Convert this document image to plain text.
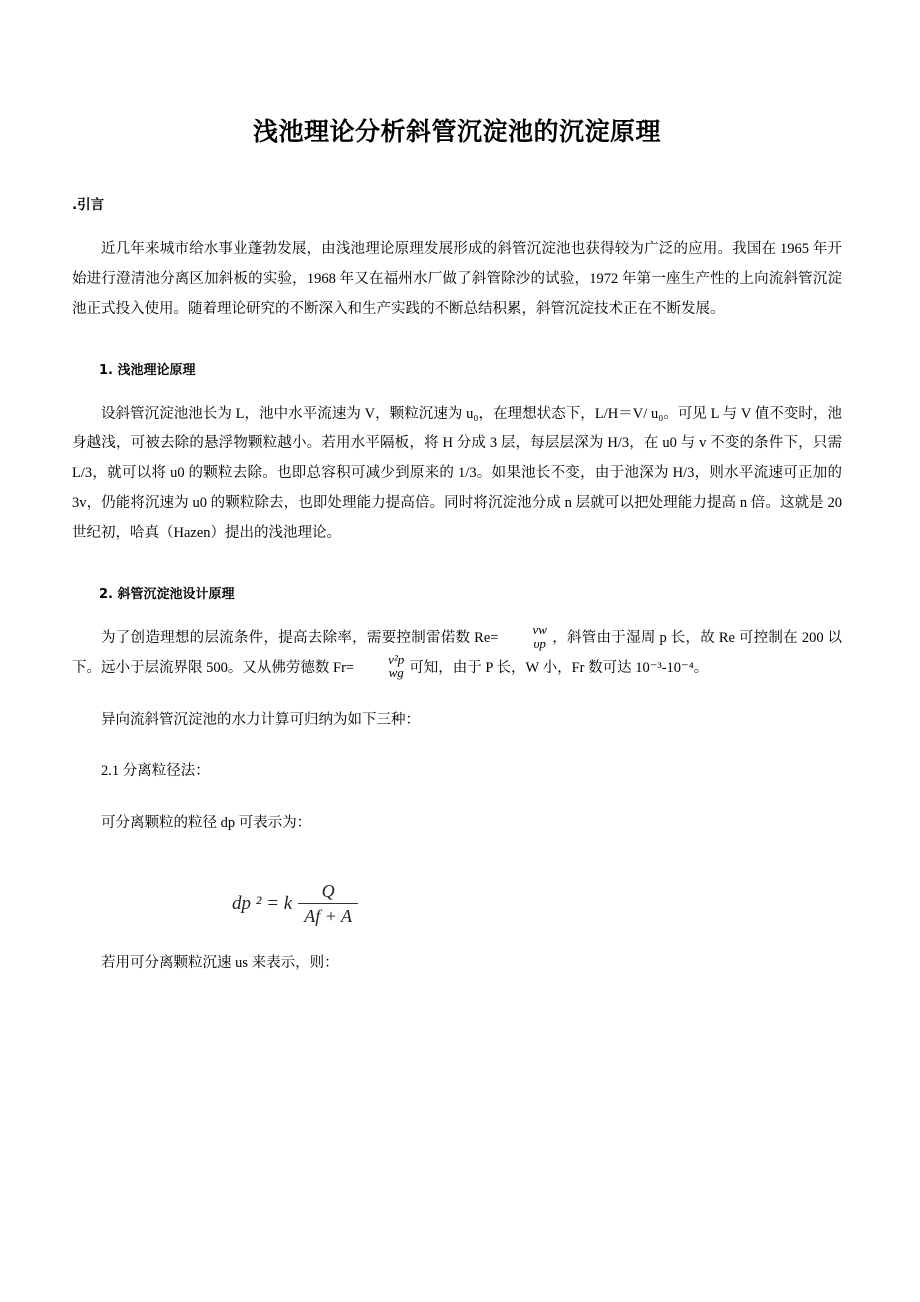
浅池理论分析斜管沉淀池的沉淀原理
.引言

近几年来城市给水事业蓬勃发展，由浅池理论原理发展形成的斜管沉淀池也获得较为广泛的应用。我国在 1965 年开始进行澄清池分离区加斜板的实验，1968 年又在福州水厂做了斜管除沙的试验，1972 年第一座生产性的上向流斜管沉淀池正式投入使用。随着理论研究的不断深入和生产实践的不断总结积累，斜管沉淀技术正在不断发展。

1. 浅池理论原理

设斜管沉淀池池长为 L，池中水平流速为 V，颗粒沉速为 u₀，在理想状态下，L/H＝V/ u₀。可见 L 与 V 值不变时，池身越浅，可被去除的悬浮物颗粒越小。若用水平隔板，将 H 分成 3 层，每层层深为 H/3，在 u0 与 v 不变的条件下，只需 L/3，就可以将 u0 的颗粒去除。也即总容积可减少到原来的 1/3。如果池长不变，由于池深为 H/3，则水平流速可正加的 3v，仍能将沉速为 u0 的颗粒除去，也即处理能力提高倍。同时将沉淀池分成 n 层就可以把处理能力提高 n 倍。这就是 20 世纪初，哈真（Hazen）提出的浅池理论。

2. 斜管沉淀池设计原理

为了创造理想的层流条件，提高去除率，需要控制雷偌数 Re=
vw
υp ，斜管由于湿周 p 长，故 Re 可控制在 200 以下。远小于层流界限 500。又从佛劳德数 Fr=
v²p
wg 可知，由于 P 长，W 小，Fr 数可达 10⁻³-10⁻⁴。

异向流斜管沉淀池的水力计算可归纳为如下三种：

2.1 分离粒径法：

可分离颗粒的粒径 dp 可表示为：

dp ² = k $\frac{Q}{Af + A}$

若用可分离颗粒沉速 us 来表示，则：
